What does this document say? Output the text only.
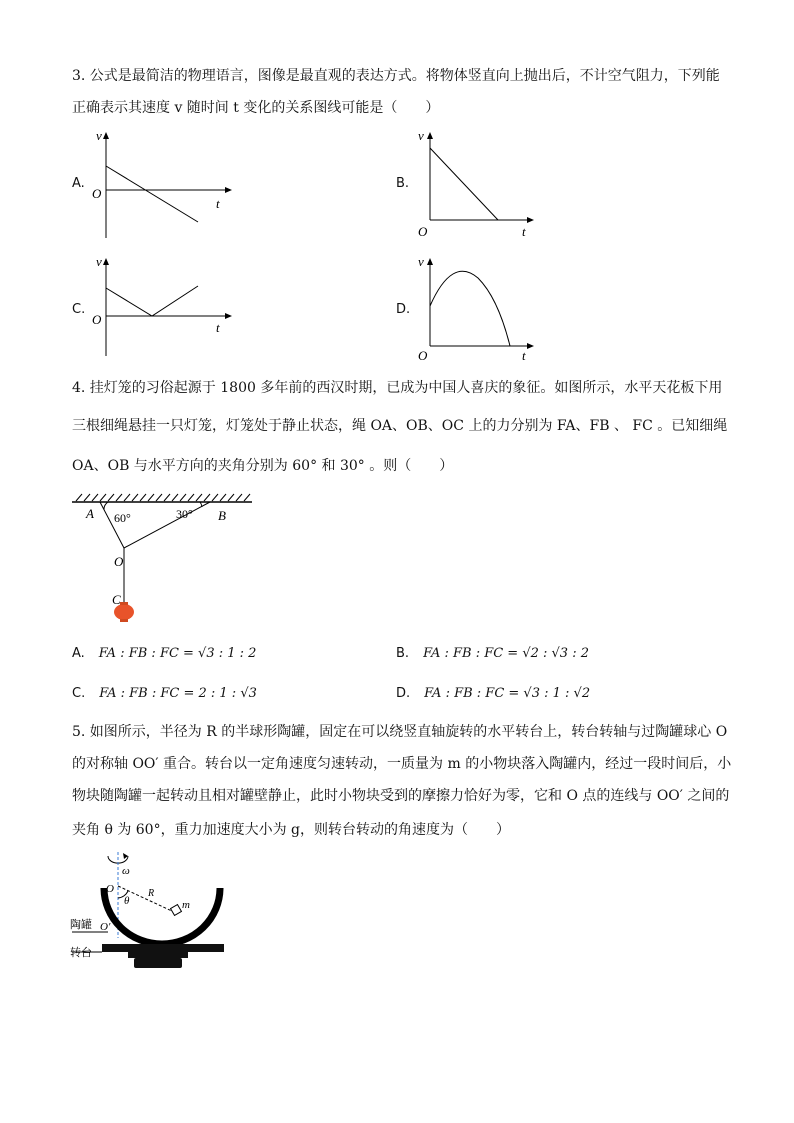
3. 公式是最简洁的物理语言，图像是最直观的表达方式。将物体竖直向上抛出后，不计空气阻力，下列能
正确表示其速度 v 随时间 t 变化的关系图线可能是（　　）
A.
v
t
O
B.
v
t
O
C.
v
t
O
D.
v
t
O
4. 挂灯笼的习俗起源于 1800 多年前的西汉时期，已成为中国人喜庆的象征。如图所示，水平天花板下用
三根细绳悬挂一只灯笼，灯笼处于静止状态，绳 OA、OB、OC 上的力分别为 FA、FB 、 FC 。已知细绳
OA、OB 与水平方向的夹角分别为 60° 和 30° 。则（　　）
A	B
O
C
60°	30°
A. FA : FB : FC = √3 : 1 : 2	B. FA : FB : FC = √2 : √3 : 2
C. FA : FB : FC = 2 : 1 : √3	D. FA : FB : FC = √3 : 1 : √2
5. 如图所示，半径为 R 的半球形陶罐，固定在可以绕竖直轴旋转的水平转台上，转台转轴与过陶罐球心 O
的对称轴 OO′ 重合。转台以一定角速度匀速转动，一质量为 m 的小物块落入陶罐内，经过一段时间后，小
物块随陶罐一起转动且相对罐壁静止，此时小物块受到的摩擦力恰好为零，它和 O 点的连线与 OO′ 之间的
夹角 θ 为 60°，重力加速度大小为 g，则转台转动的角速度为（　　）
ω
O
O′
θ
R
m
陶罐
转台
